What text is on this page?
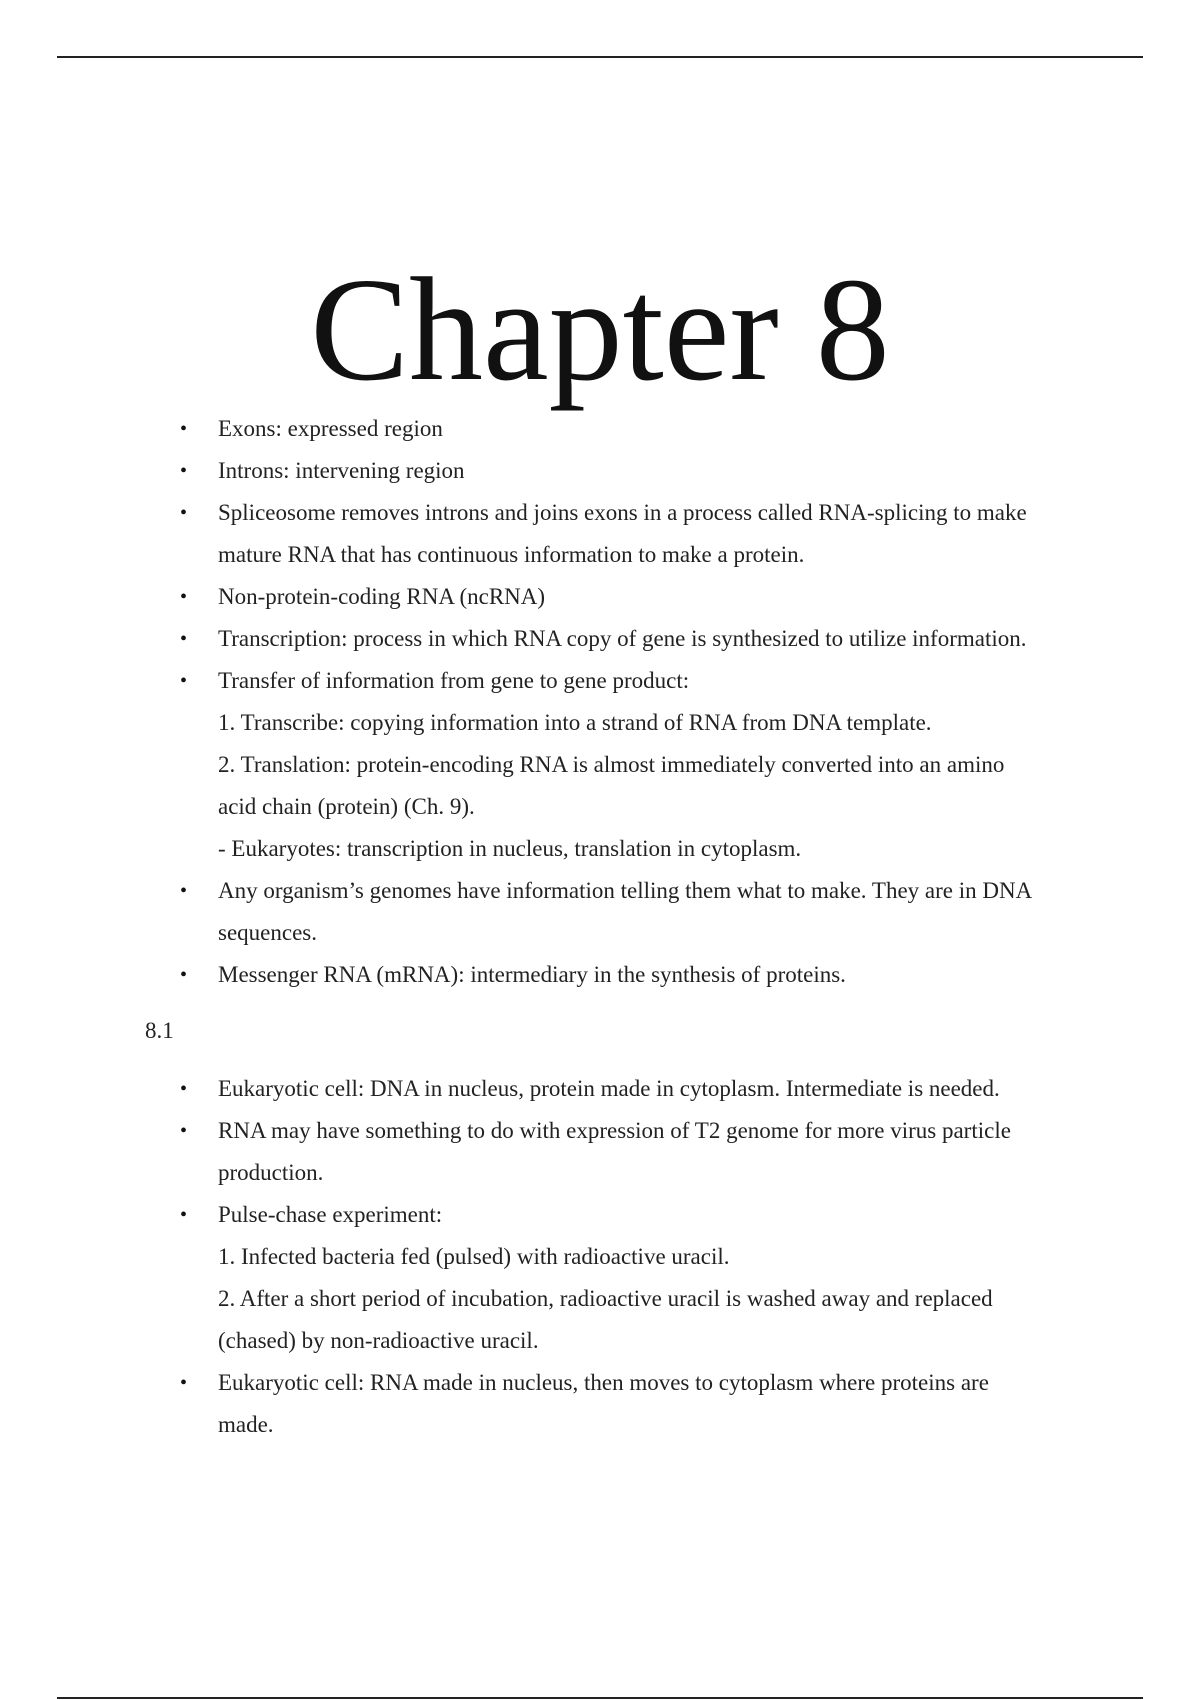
Chapter 8
•	Exons: expressed region
•	Introns: intervening region
•	Spliceosome removes introns and joins exons in a process called RNA-splicing to make
mature RNA that has continuous information to make a protein.
•	Non-protein-coding RNA (ncRNA)
•	Transcription: process in which RNA copy of gene is synthesized to utilize information.
•	Transfer of information from gene to gene product:
1. Transcribe: copying information into a strand of RNA from DNA template.
2. Translation: protein-encoding RNA is almost immediately converted into an amino
acid chain (protein) (Ch. 9).
- Eukaryotes: transcription in nucleus, translation in cytoplasm.
•	Any organism’s genomes have information telling them what to make. They are in DNA
sequences.
•	Messenger RNA (mRNA): intermediary in the synthesis of proteins.
8.1
•	Eukaryotic cell: DNA in nucleus, protein made in cytoplasm. Intermediate is needed.
•	RNA may have something to do with expression of T2 genome for more virus particle
production.
•	Pulse-chase experiment:
1. Infected bacteria fed (pulsed) with radioactive uracil.
2. After a short period of incubation, radioactive uracil is washed away and replaced
(chased) by non-radioactive uracil.
•	Eukaryotic cell: RNA made in nucleus, then moves to cytoplasm where proteins are
made.
